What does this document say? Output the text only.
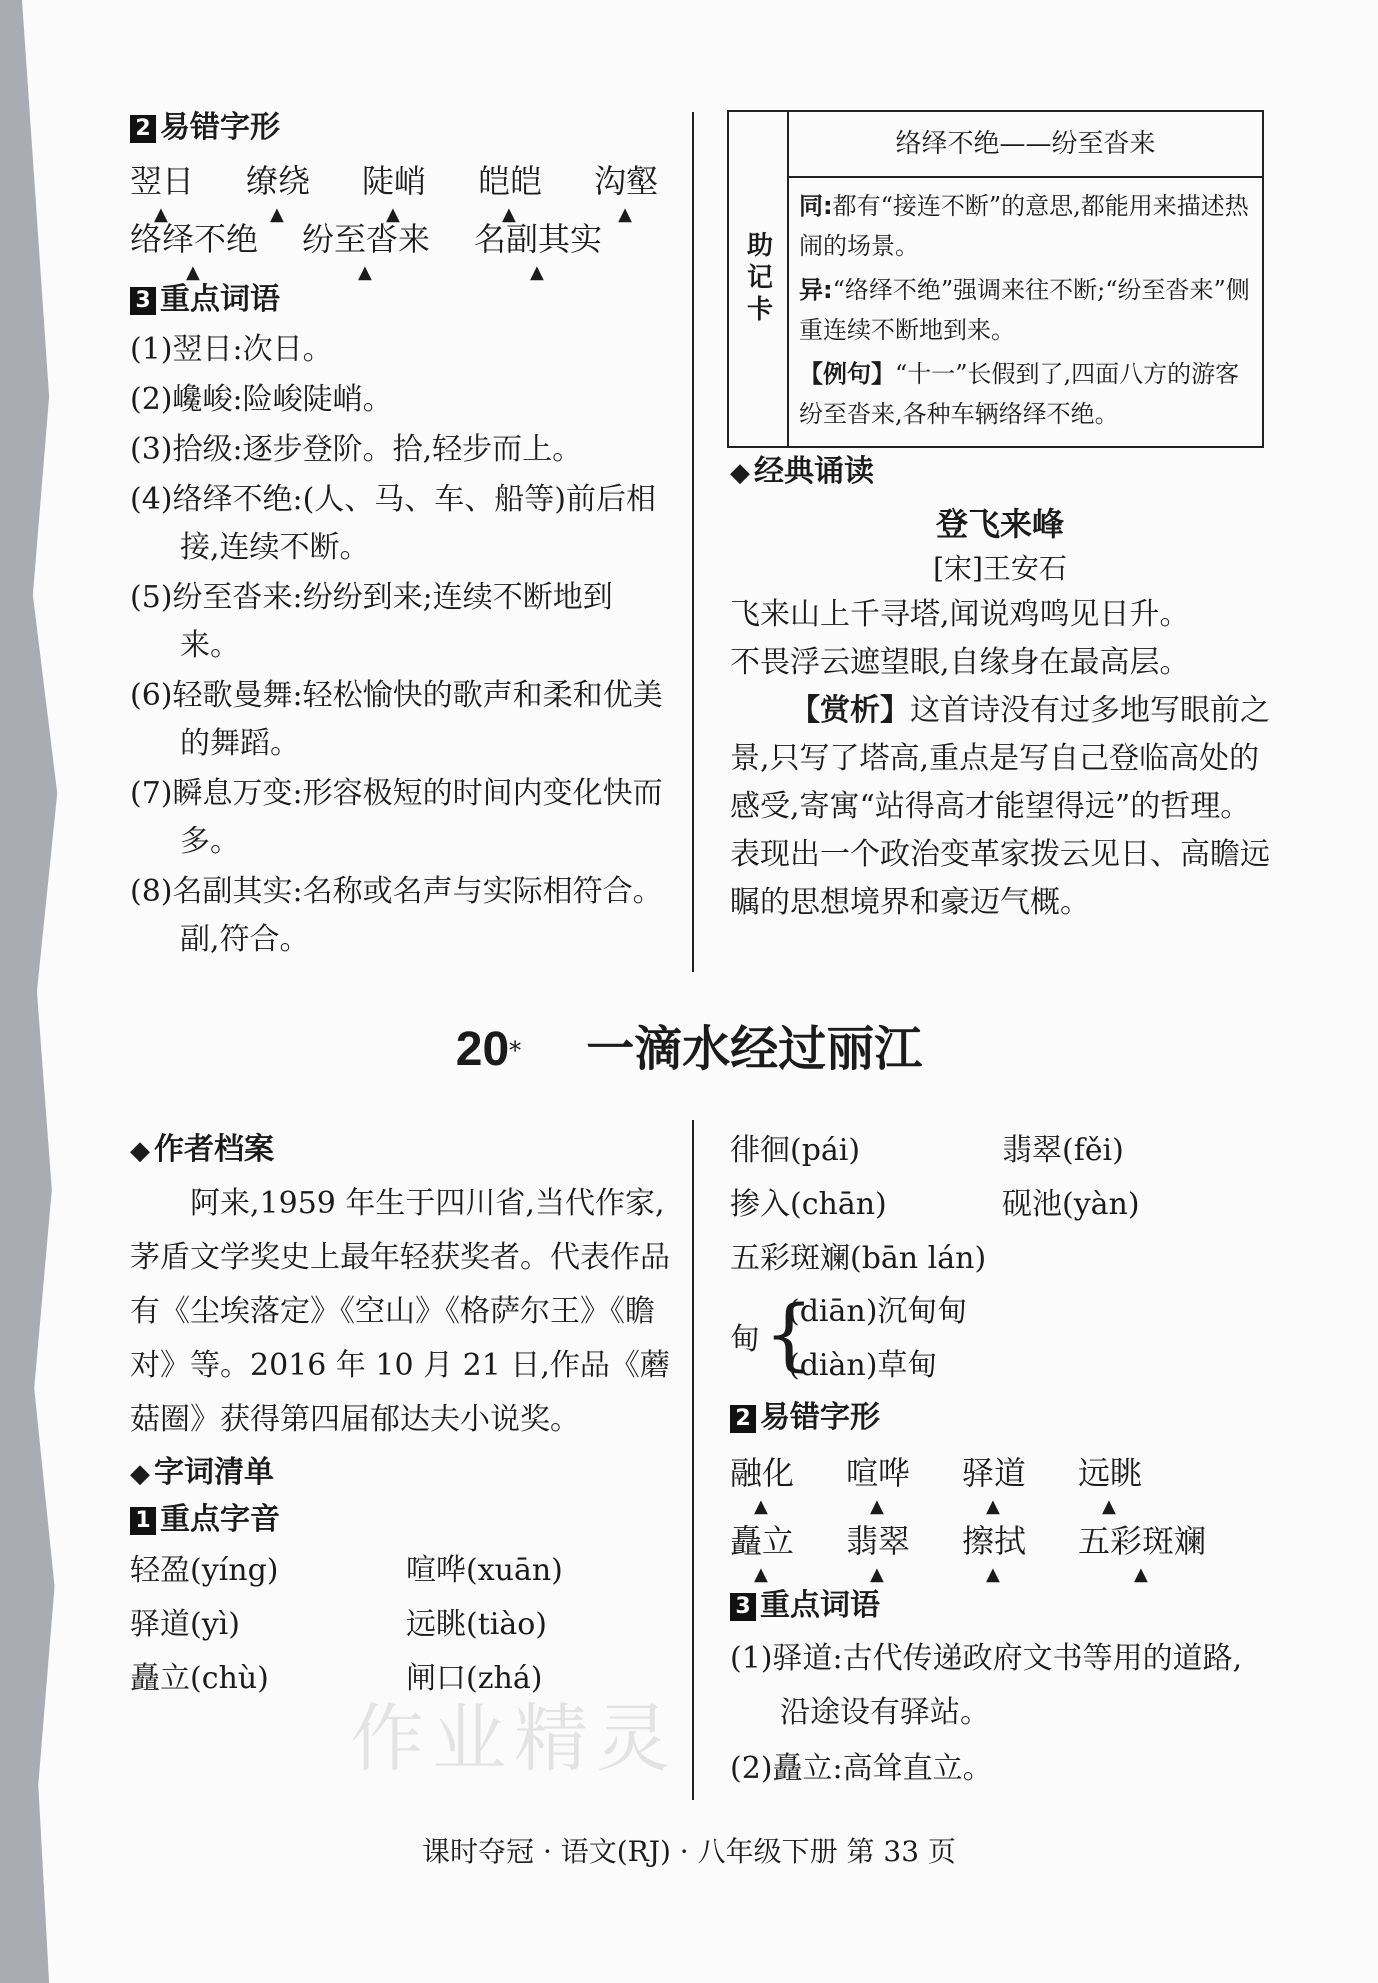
2 易错字形
翌日 ▲ 缭绕 ▲ 陡峭 ▲ 皑皑 ▲ 沟壑 ▲
络绎不绝 ▲ 纷至沓来 ▲ 名副其实 ▲
3 重点词语
(1)翌日:次日。
(2)巉峻:险峻陡峭。
(3)拾级:逐步登阶。拾,轻步而上。
(4)络绎不绝:(人、马、车、船等)前后相接,连续不断。
(5)纷至沓来:纷纷到来;连续不断地到来。
(6)轻歌曼舞:轻松愉快的歌声和柔和优美的舞蹈。
(7)瞬息万变:形容极短的时间内变化快而多。
(8)名副其实:名称或名声与实际相符合。副,符合。
助记卡
络绎不绝——纷至沓来
同:都有“接连不断”的意思,都能用来描述热闹的场景。
异:“络绎不绝”强调来往不断;“纷至沓来”侧重连续不断地到来。
【例句】“十一”长假到了,四面八方的游客纷至沓来,各种车辆络绎不绝。
◆ 经典诵读
登飞来峰
[宋]王安石
飞来山上千寻塔,闻说鸡鸣见日升。
不畏浮云遮望眼,自缘身在最高层。
【赏析】这首诗没有过多地写眼前之景,只写了塔高,重点是写自己登临高处的感受,寄寓“站得高才能望得远”的哲理。表现出一个政治变革家拨云见日、高瞻远瞩的思想境界和豪迈气概。
20* 一滴水经过丽江
◆ 作者档案
阿来,1959 年生于四川省,当代作家,茅盾文学奖史上最年轻获奖者。代表作品有《尘埃落定》《空山》《格萨尔王》《瞻对》等。2016 年 10 月 21 日,作品《蘑菇圈》获得第四届郁达夫小说奖。
◆ 字词清单
1 重点字音
轻盈(yíng)	喧哗(xuān)
驿道(yì)	远眺(tiào)
矗立(chù)	闸口(zhá)
徘徊(pái)	翡翠(fěi)
掺入(chān)	砚池(yàn)
五彩斑斓(bān lán)
甸 {
(diān)沉甸甸
(diàn)草甸
2 易错字形
融化 ▲ 喧哗 ▲ 驿道 ▲ 远眺 ▲
矗立 ▲ 翡翠 ▲ 擦拭 ▲ 五彩斑斓 ▲
3 重点词语
(1)驿道:古代传递政府文书等用的道路,沿途设有驿站。
(2)矗立:高耸直立。
作业精灵
课时夺冠 · 语文(RJ) · 八年级下册 第 33 页
